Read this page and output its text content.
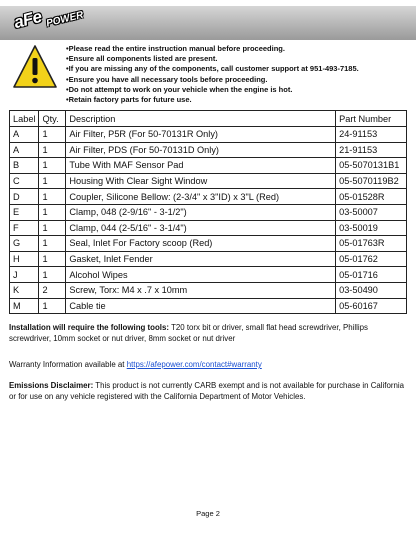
aFe POWER
• Please read the entire instruction manual before proceeding.
• Ensure all components listed are present.
• If you are missing any of the components, call customer support at 951-493-7185.
• Ensure you have all necessary tools before proceeding.
• Do not attempt to work on your vehicle when the engine is hot.
• Retain factory parts for future use.
Label	Qty.	Description	Part Number
A	1	Air Filter, P5R (For 50-70131R Only)	24-91153
A	1	Air Filter, PDS (For 50-70131D Only)	21-91153
B	1	Tube With MAF Sensor Pad	05-5070131B1
C	1	Housing With Clear Sight Window	05-5070119B2
D	1	Coupler, Silicone Bellow: (2-3/4" x 3"ID) x 3"L (Red)	05-01528R
E	1	Clamp, 048 (2-9/16" - 3-1/2")	03-50007
F	1	Clamp, 044 (2-5/16" - 3-1/4")	03-50019
G	1	Seal, Inlet For Factory scoop (Red)	05-01763R
H	1	Gasket, Inlet Fender	05-01762
J	1	Alcohol Wipes	05-01716
K	2	Screw, Torx: M4 x .7 x 10mm	03-50490
M	1	Cable tie	05-60167
Installation will require the following tools: T20 torx bit or driver, small flat head screwdriver, Phillips screwdriver, 10mm socket or nut driver, 8mm socket or nut driver
Warranty Information available at https://afepower.com/contact#warranty
Emissions Disclaimer: This product is not currently CARB exempt and is not available for purchase in California or for use on any vehicle registered with the California Department of Motor Vehicles.
Page 2
